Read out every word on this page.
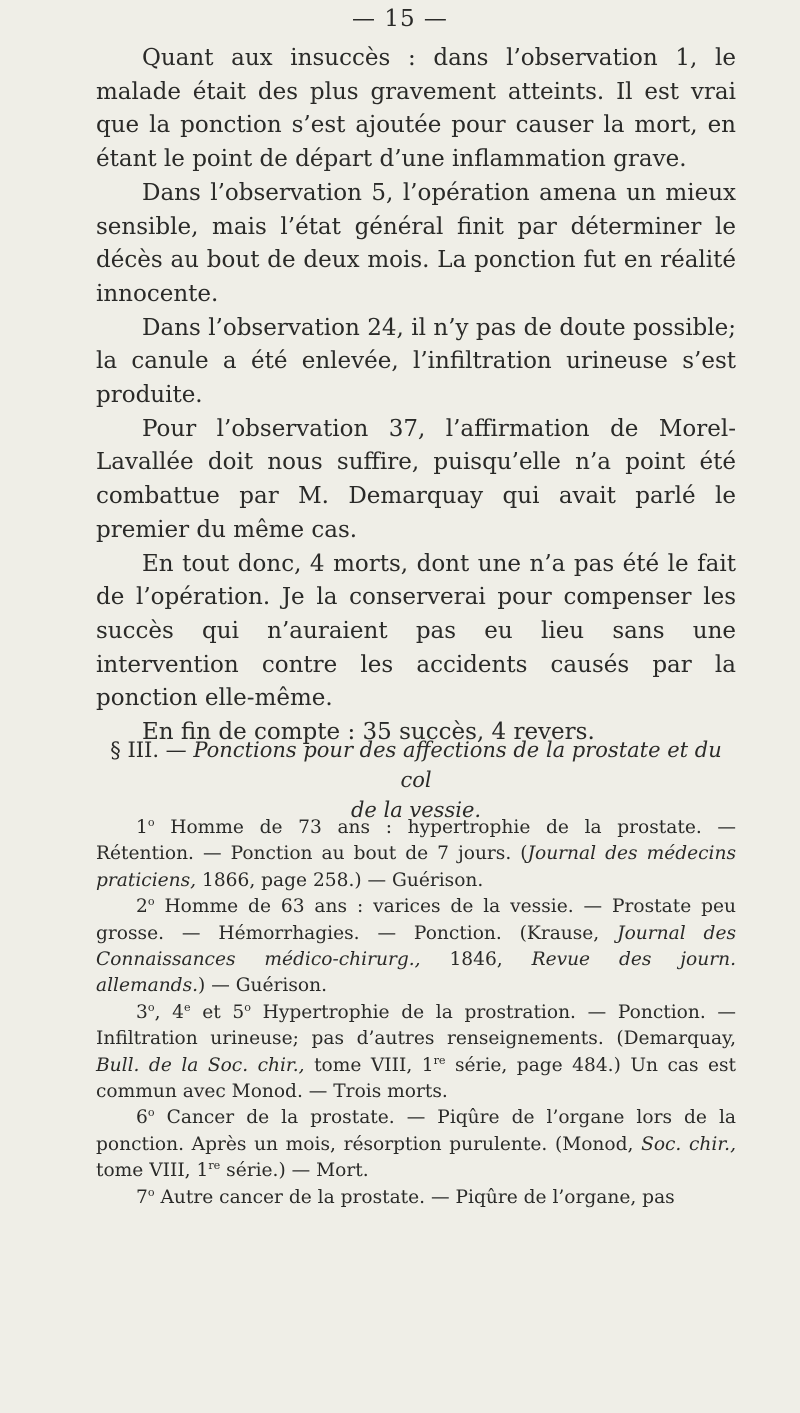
— 15 —

Quant aux insuccès : dans l’observation 1, le malade était des plus gravement atteints. Il est vrai que la ponction s’est ajoutée pour causer la mort, en étant le point de départ d’une inflammation grave.

Dans l’observation 5, l’opération amena un mieux sensible, mais l’état général finit par déterminer le décès au bout de deux mois. La ponction fut en réalité innocente.

Dans l’observation 24, il n’y pas de doute possible; la canule a été enlevée, l’infiltration urineuse s’est produite.

Pour l’observation 37, l’affirmation de Morel-Lavallée doit nous suffire, puisqu’elle n’a point été combattue par M. Demarquay qui avait parlé le premier du même cas.

En tout donc, 4 morts, dont une n’a pas été le fait de l’opération. Je la conserverai pour compenser les succès qui n’auraient pas eu lieu sans une intervention contre les accidents causés par la ponction elle-même.

En fin de compte : 35 succès, 4 revers.

§ III. — Ponctions pour des affections de la prostate et du col
de la vessie.

1$^o$ Homme de 73 ans : hypertrophie de la prostate. — Rétention. — Ponction au bout de 7 jours. (Journal des médecins praticiens, 1866, page 258.) — Guérison.

2$^o$ Homme de 63 ans : varices de la vessie. — Prostate peu grosse. — Hémorrhagies. — Ponction. (Krause, Journal des Connaissances médico-chirurg., 1846, Revue des journ. allemands.) — Guérison.

3$^o$, 4e et 5$^o$ Hypertrophie de la prostration. — Ponction. — Infiltration urineuse; pas d’autres renseignements. (Demarquay, Bull. de la Soc. chir., tome VIII, 1re série, page 484.) Un cas est commun avec Monod. — Trois morts.

6$^o$ Cancer de la prostate. — Piqûre de l’organe lors de la ponction. Après un mois, résorption purulente. (Monod, Soc. chir., tome VIII, 1re série.) — Mort.

7$^o$ Autre cancer de la prostate. — Piqûre de l’organe, pas
